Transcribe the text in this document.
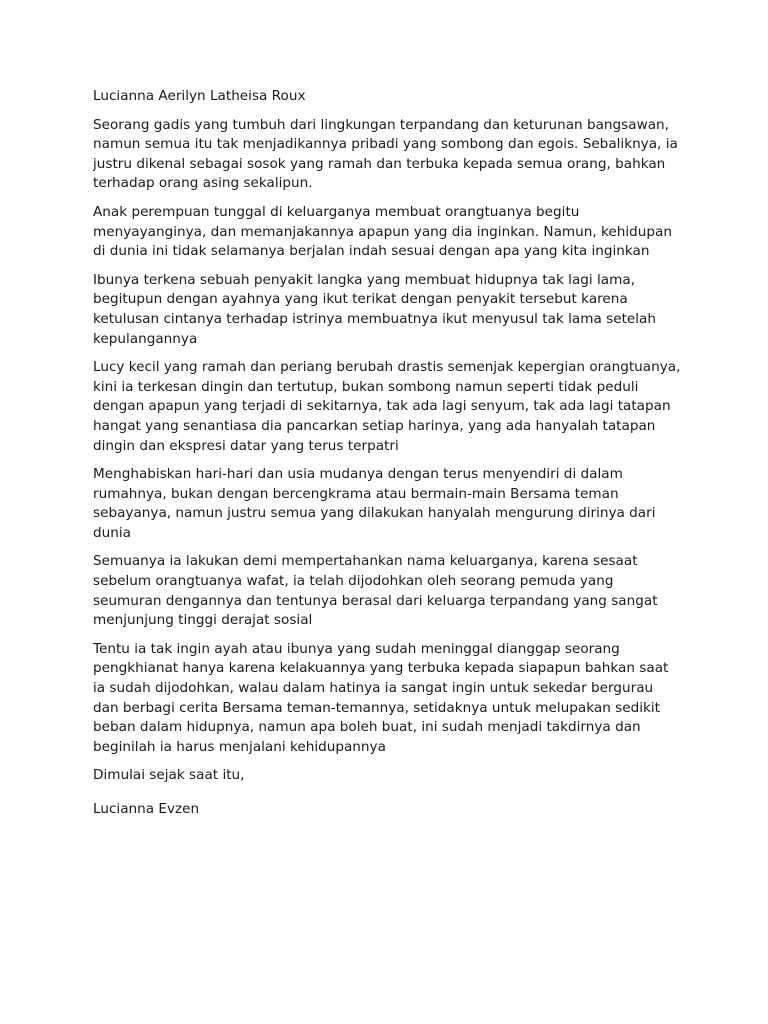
Lucianna Aerilyn Latheisa Roux

Seorang gadis yang tumbuh dari lingkungan terpandang dan keturunan bangsawan, namun semua itu tak menjadikannya pribadi yang sombong dan egois. Sebaliknya, ia justru dikenal sebagai sosok yang ramah dan terbuka kepada semua orang, bahkan terhadap orang asing sekalipun.

Anak perempuan tunggal di keluarganya membuat orangtuanya begitu menyayanginya, dan memanjakannya apapun yang dia inginkan. Namun, kehidupan di dunia ini tidak selamanya berjalan indah sesuai dengan apa yang kita inginkan

Ibunya terkena sebuah penyakit langka yang membuat hidupnya tak lagi lama, begitupun dengan ayahnya yang ikut terikat dengan penyakit tersebut karena ketulusan cintanya terhadap istrinya membuatnya ikut menyusul tak lama setelah kepulangannya

Lucy kecil yang ramah dan periang berubah drastis semenjak kepergian orangtuanya, kini ia terkesan dingin dan tertutup, bukan sombong namun seperti tidak peduli dengan apapun yang terjadi di sekitarnya, tak ada lagi senyum, tak ada lagi tatapan hangat yang senantiasa dia pancarkan setiap harinya, yang ada hanyalah tatapan dingin dan ekspresi datar yang terus terpatri

Menghabiskan hari-hari dan usia mudanya dengan terus menyendiri di dalam rumahnya, bukan dengan bercengkrama atau bermain-main Bersama teman sebayanya, namun justru semua yang dilakukan hanyalah mengurung dirinya dari dunia

Semuanya ia lakukan demi mempertahankan nama keluarganya, karena sesaat sebelum orangtuanya wafat, ia telah dijodohkan oleh seorang pemuda yang seumuran dengannya dan tentunya berasal dari keluarga terpandang yang sangat menjunjung tinggi derajat sosial

Tentu ia tak ingin ayah atau ibunya yang sudah meninggal dianggap seorang pengkhianat hanya karena kelakuannya yang terbuka kepada siapapun bahkan saat ia sudah dijodohkan, walau dalam hatinya ia sangat ingin untuk sekedar bergurau dan berbagi cerita Bersama teman-temannya, setidaknya untuk melupakan sedikit beban dalam hidupnya, namun apa boleh buat, ini sudah menjadi takdirnya dan beginilah ia harus menjalani kehidupannya

Dimulai sejak saat itu,

Lucianna Evzen
